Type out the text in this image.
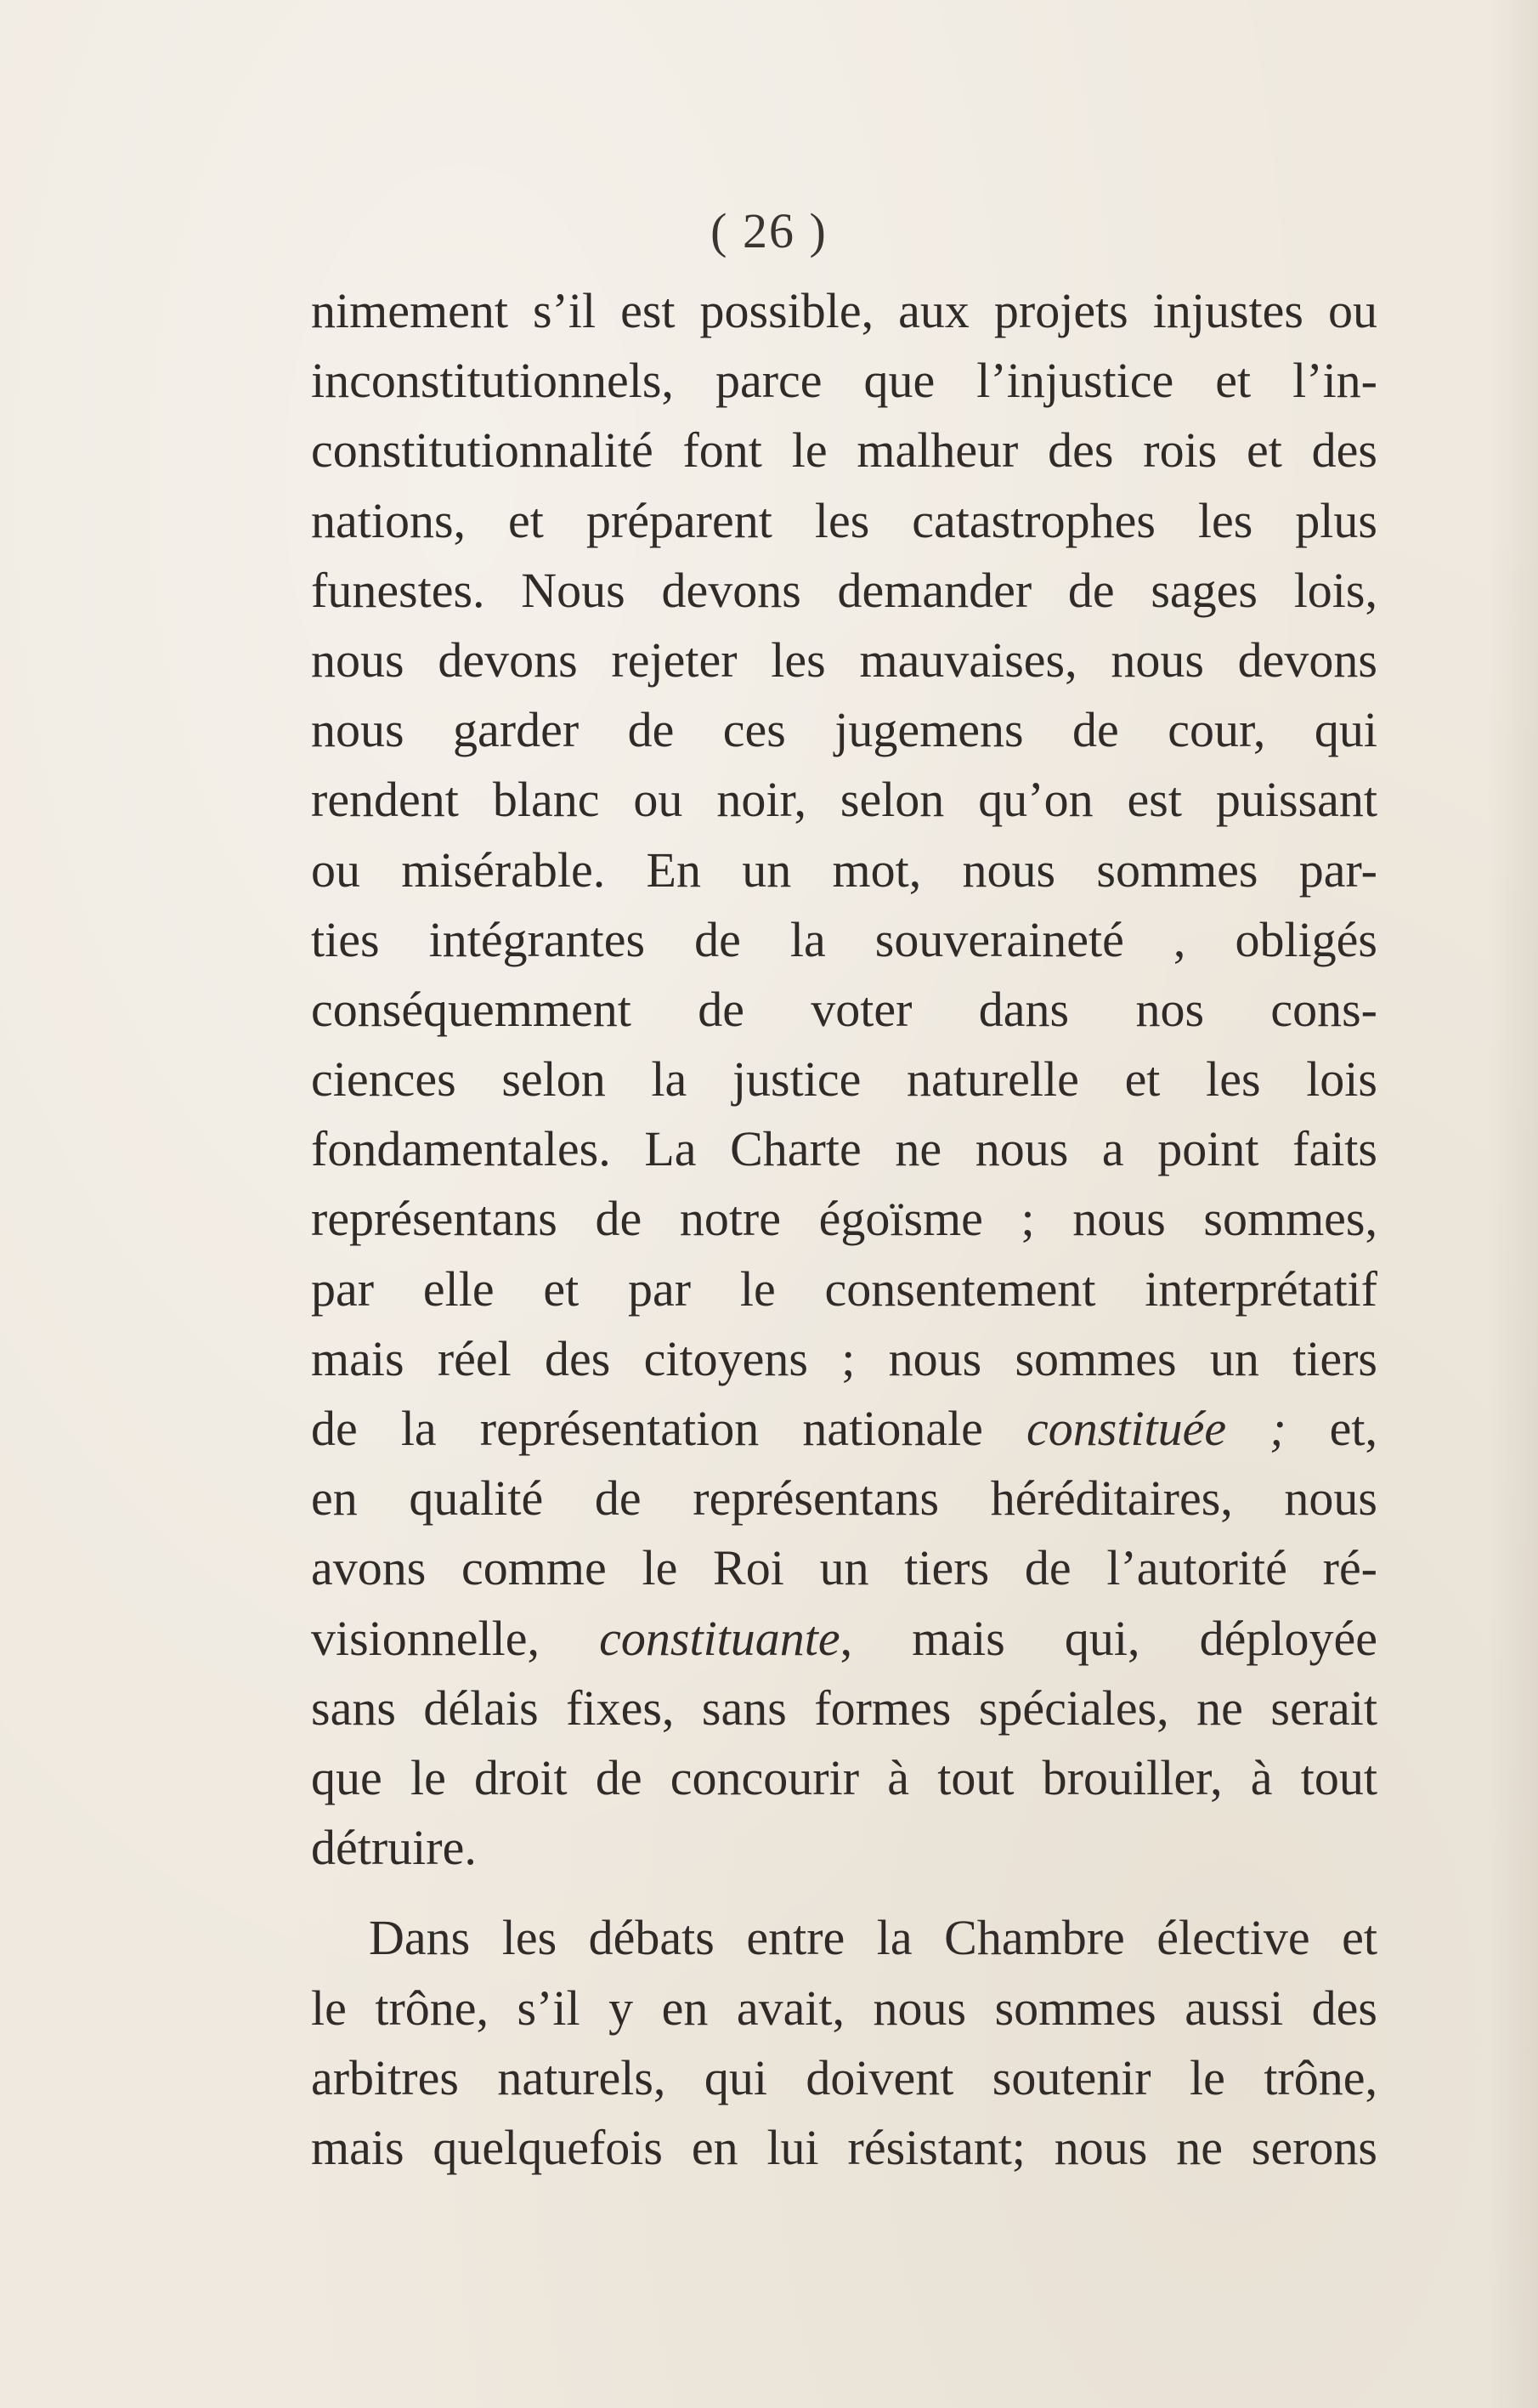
( 26 )
nimement s’il est possible, aux projets injustes ou
inconstitutionnels, parce que l’injustice et l’in-
constitutionnalité font le malheur des rois et des
nations, et préparent les catastrophes les plus
funestes. Nous devons demander de sages lois,
nous devons rejeter les mauvaises, nous devons
nous garder de ces jugemens de cour, qui
rendent blanc ou noir, selon qu’on est puissant
ou misérable. En un mot, nous sommes par-
ties intégrantes de la souveraineté , obligés
conséquemment de voter dans nos cons-
ciences selon la justice naturelle et les lois
fondamentales. La Charte ne nous a point faits
représentans de notre égoïsme ; nous sommes,
par elle et par le consentement interprétatif
mais réel des citoyens ; nous sommes un tiers
de la représentation nationale constituée ; et,
en qualité de représentans héréditaires, nous
avons comme le Roi un tiers de l’autorité ré-
visionnelle, constituante, mais qui, déployée
sans délais fixes, sans formes spéciales, ne serait
que le droit de concourir à tout brouiller, à tout
détruire.
Dans les débats entre la Chambre élective et
le trône, s’il y en avait, nous sommes aussi des
arbitres naturels, qui doivent soutenir le trône,
mais quelquefois en lui résistant; nous ne serons
